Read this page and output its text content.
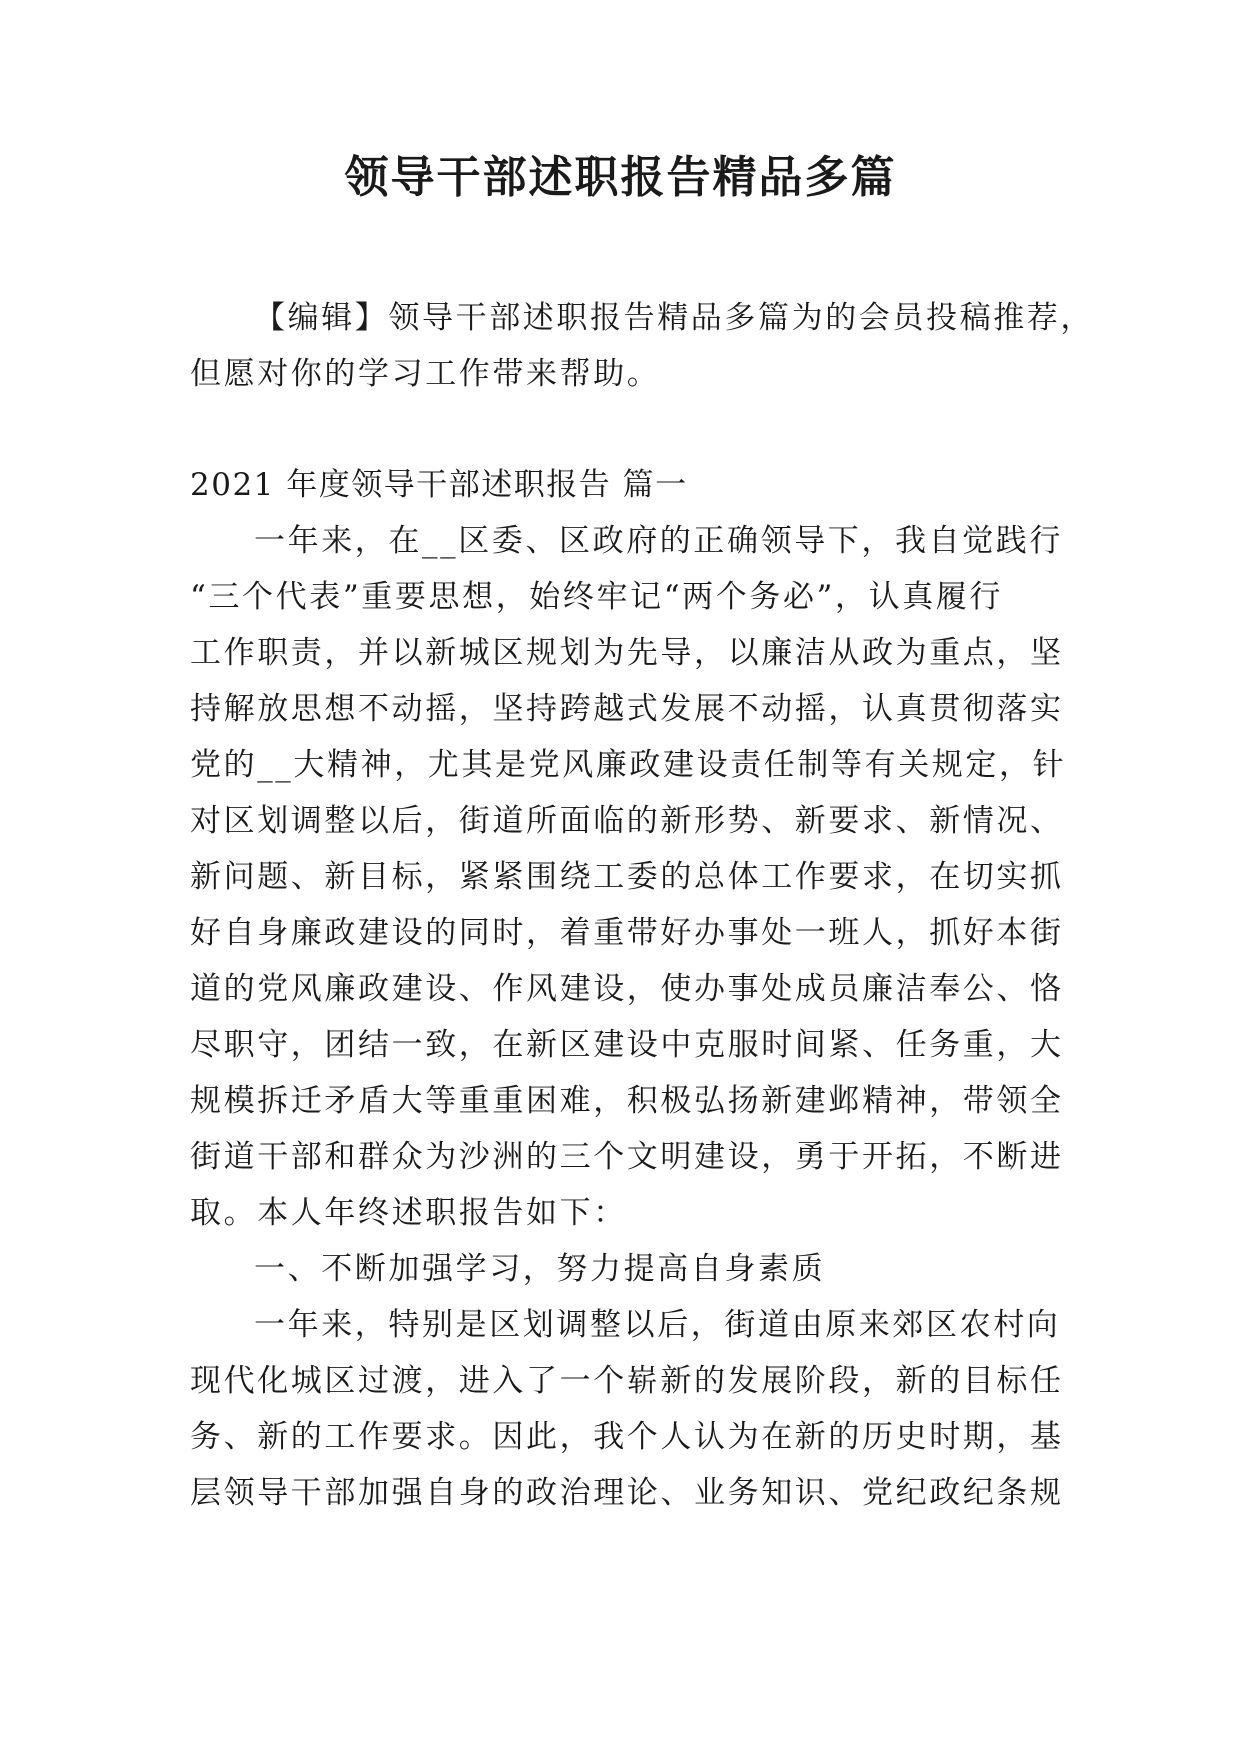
领导干部述职报告精品多篇

【编辑】领导干部述职报告精品多篇为的会员投稿推荐，

但愿对你的学习工作带来帮助。

2021 年度领导干部述职报告 篇一

一年来，在__区委、区政府的正确领导下，我自觉践行

“三个代表”重要思想，始终牢记“两个务必”，认真履行

工作职责，并以新城区规划为先导，以廉洁从政为重点，坚

持解放思想不动摇，坚持跨越式发展不动摇，认真贯彻落实

党的__大精神，尤其是党风廉政建设责任制等有关规定，针

对区划调整以后，街道所面临的新形势、新要求、新情况、

新问题、新目标，紧紧围绕工委的总体工作要求，在切实抓

好自身廉政建设的同时，着重带好办事处一班人，抓好本街

道的党风廉政建设、作风建设，使办事处成员廉洁奉公、恪

尽职守，团结一致，在新区建设中克服时间紧、任务重，大

规模拆迁矛盾大等重重困难，积极弘扬新建邺精神，带领全

街道干部和群众为沙洲的三个文明建设，勇于开拓，不断进

取。本人年终述职报告如下：

一、不断加强学习，努力提高自身素质

一年来，特别是区划调整以后，街道由原来郊区农村向

现代化城区过渡，进入了一个崭新的发展阶段，新的目标任

务、新的工作要求。因此，我个人认为在新的历史时期，基

层领导干部加强自身的政治理论、业务知识、党纪政纪条规
